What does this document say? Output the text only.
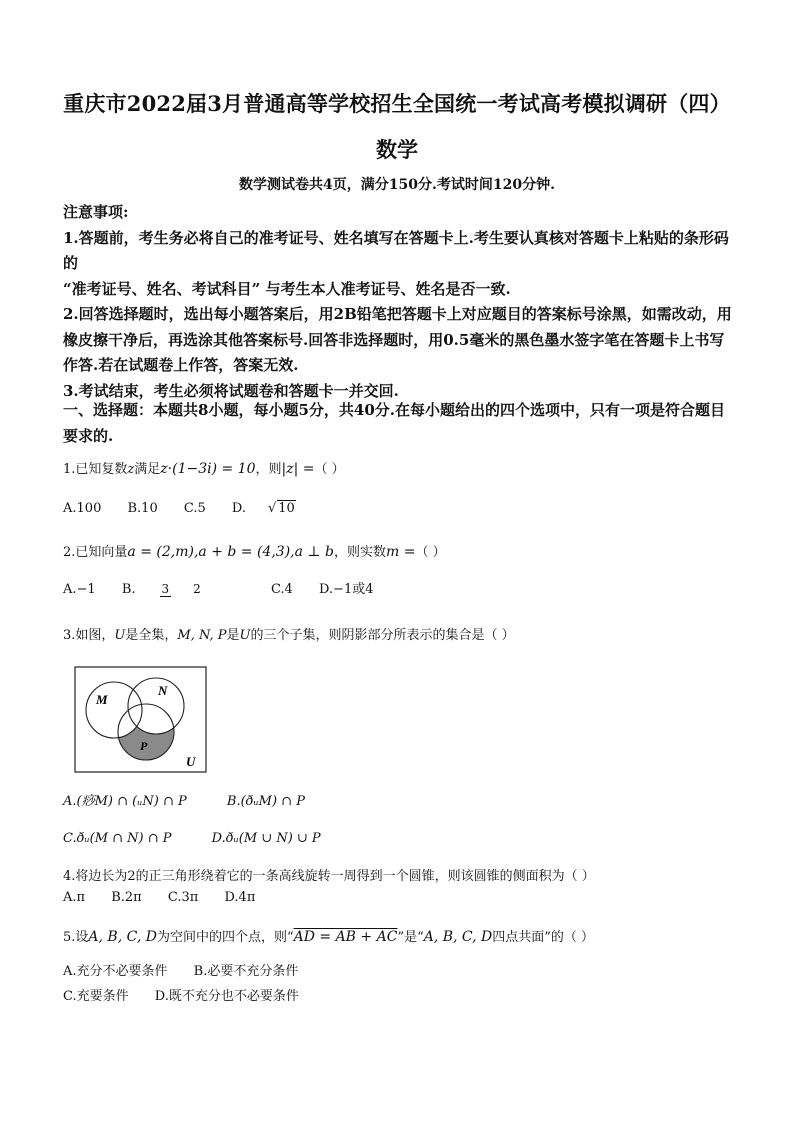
重庆市2022届3月普通高等学校招生全国统一考试高考模拟调研（四）
数学
数学测试卷共4页，满分150分.考试时间120分钟.

注意事项:

1.答题前，考生务必将自己的准考证号、姓名填写在答题卡上.考生要认真核对答题卡上粘贴的条形码的

“准考证号、姓名、考试科目” 与考生本人准考证号、姓名是否一致.

2.回答选择题时，选出每小题答案后，用2B铅笔把答题卡上对应题目的答案标号涂黑，如需改动，用橡皮擦干净后，再选涂其他答案标号.回答非选择题时，用0.5毫米的黑色墨水签字笔在答题卡上书写作答.若在试题卷上作答，答案无效.

3.考试结束，考生必须将试题卷和答题卡一并交回.

一、选择题：本题共8小题，每小题5分，共40分.在每小题给出的四个选项中，只有一项是符合题目要求的.
1.已知复数z满足z·(1−3i) = 10，则|z| =（ ）
A.100 B.10 C.5 D. √ 10
2.已知向量a = (2,m),a + b = (4,3),a ⊥ b，则实数m =（ ）
A.−1 B. 3 2	C.4 D.−1或4
3.如图，U是全集，M, N, P是U的三个子集，则阴影部分所表示的集合是（ ）
M
N
P
U
A.(痧M) ∩ (ᵤN) ∩ P	B.(ðᵤM) ∩ P
C.ðᵤ(M ∩ N) ∩ P	D.ðᵤ(M ∪ N) ∪ P
4.将边长为2的正三角形绕着它的一条高线旋转一周得到一个圆锥，则该圆锥的侧面积为（ ）
A.π B.2π C.3π D.4π
5.设A, B, C, D为空间中的四个点，则“AD = AB + AC”是“A, B, C, D四点共面”的（ ）
A.充分不必要条件 B.必要不充分条件
C.充要条件 D.既不充分也不必要条件
